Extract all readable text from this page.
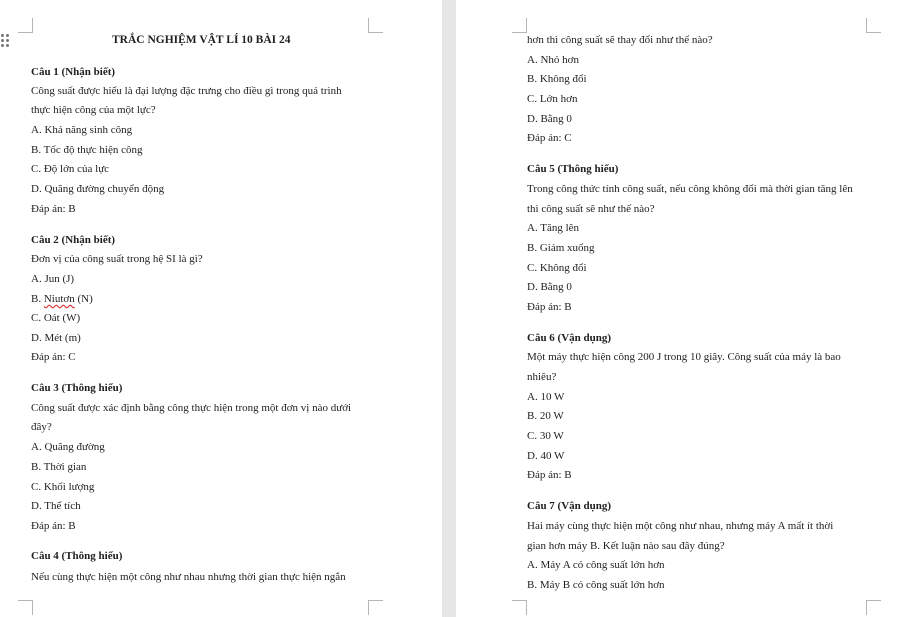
TRẮC NGHIỆM VẬT LÍ 10 BÀI 24
Câu 1 (Nhận biết)
Công suất được hiểu là đại lượng đặc trưng cho điều gì trong quá trình
thực hiện công của một lực?
A. Khả năng sinh công
B. Tốc độ thực hiện công
C. Độ lớn của lực
D. Quãng đường chuyển động
Đáp án: B
Câu 2 (Nhận biết)
Đơn vị của công suất trong hệ SI là gì?
A. Jun (J)
B. Niutơn (N)
C. Oát (W)
D. Mét (m)
Đáp án: C
Câu 3 (Thông hiểu)
Công suất được xác định bằng công thực hiện trong một đơn vị nào dưới
đây?
A. Quãng đường
B. Thời gian
C. Khối lượng
D. Thể tích
Đáp án: B
Câu 4 (Thông hiểu)
Nếu cùng thực hiện một công như nhau nhưng thời gian thực hiện ngắn
hơn thì công suất sẽ thay đổi như thế nào?
A. Nhỏ hơn
B. Không đổi
C. Lớn hơn
D. Bằng 0
Đáp án: C
Câu 5 (Thông hiểu)
Trong công thức tính công suất, nếu công không đổi mà thời gian tăng lên
thì công suất sẽ như thế nào?
A. Tăng lên
B. Giảm xuống
C. Không đổi
D. Bằng 0
Đáp án: B
Câu 6 (Vận dụng)
Một máy thực hiện công 200 J trong 10 giây. Công suất của máy là bao
nhiêu?
A. 10 W
B. 20 W
C. 30 W
D. 40 W
Đáp án: B
Câu 7 (Vận dụng)
Hai máy cùng thực hiện một công như nhau, nhưng máy A mất ít thời
gian hơn máy B. Kết luận nào sau đây đúng?
A. Máy A có công suất lớn hơn
B. Máy B có công suất lớn hơn
